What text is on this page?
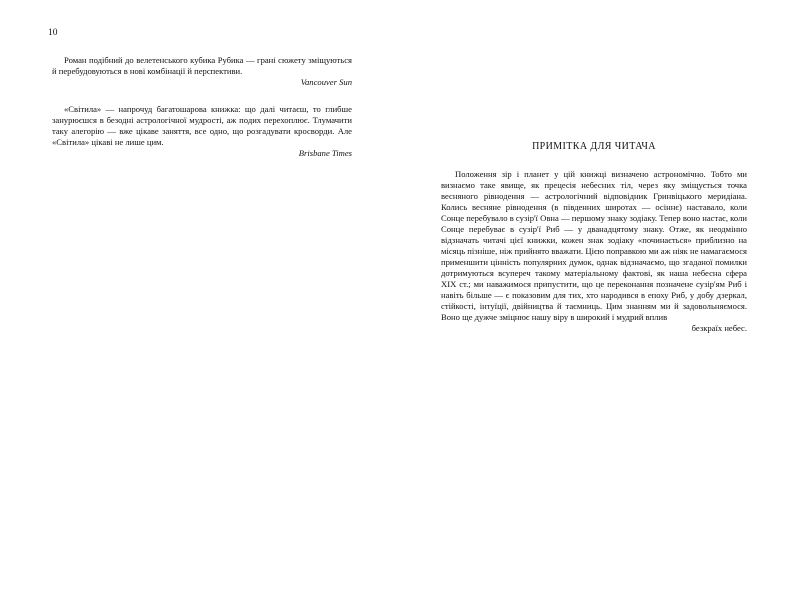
10

Роман подібний до велетенського кубика Рубика — грані сюжету зміщуються й перебудовуються в нові комбінації й перспективи.

Vancouver Sun

«Світила» — напрочуд багатошарова книжка: що далі читаєш, то глибше занурюєшся в безодні астрологічної мудрості, аж подих перехоплює. Тлумачити таку алегорію — вже цікаве заняття, все одно, що розгадувати кросворди. Але «Світила» цікаві не лише цим.

Brisbane Times

ПРИМІТКА ДЛЯ ЧИТАЧА

Положення зір і планет у цій книжці визначено астрономічно. Тобто ми визнаємо таке явище, як прецесія небесних тіл, через яку зміщується точка весняного рівнодення — астрологічний відповідник Гринвіцького меридіана. Колись весняне рівнодення (в південних широтах — осіннє) наставало, коли Сонце перебувало в сузір'ї Овна — першому знаку зодіаку. Тепер воно настає, коли Сонце перебуває в сузір'ї Риб — у дванадцятому знаку. Отже, як неодмінно відзначать читачі цієї книжки, кожен знак зодіаку «починається» приблизно на місяць пізніше, ніж прийнято вважати. Цією поправкою ми аж ніяк не намагаємося применшити цінність популярних думок, однак відзначаємо, що згаданої помилки дотримуються всупереч такому матеріальному фактові, як наша небесна сфера XIX ст.; ми наважимося припустити, що це переконання позначене сузір'ям Риб і навіть більше — є показовим для тих, хто народився в епоху Риб, у добу дзеркал, стійкості, інтуїції, двійництва й таємниць. Цим знанням ми й задовольняємося. Воно ще дужче зміцнює нашу віру в широкий і мудрий вплив

безкраїх небес.
